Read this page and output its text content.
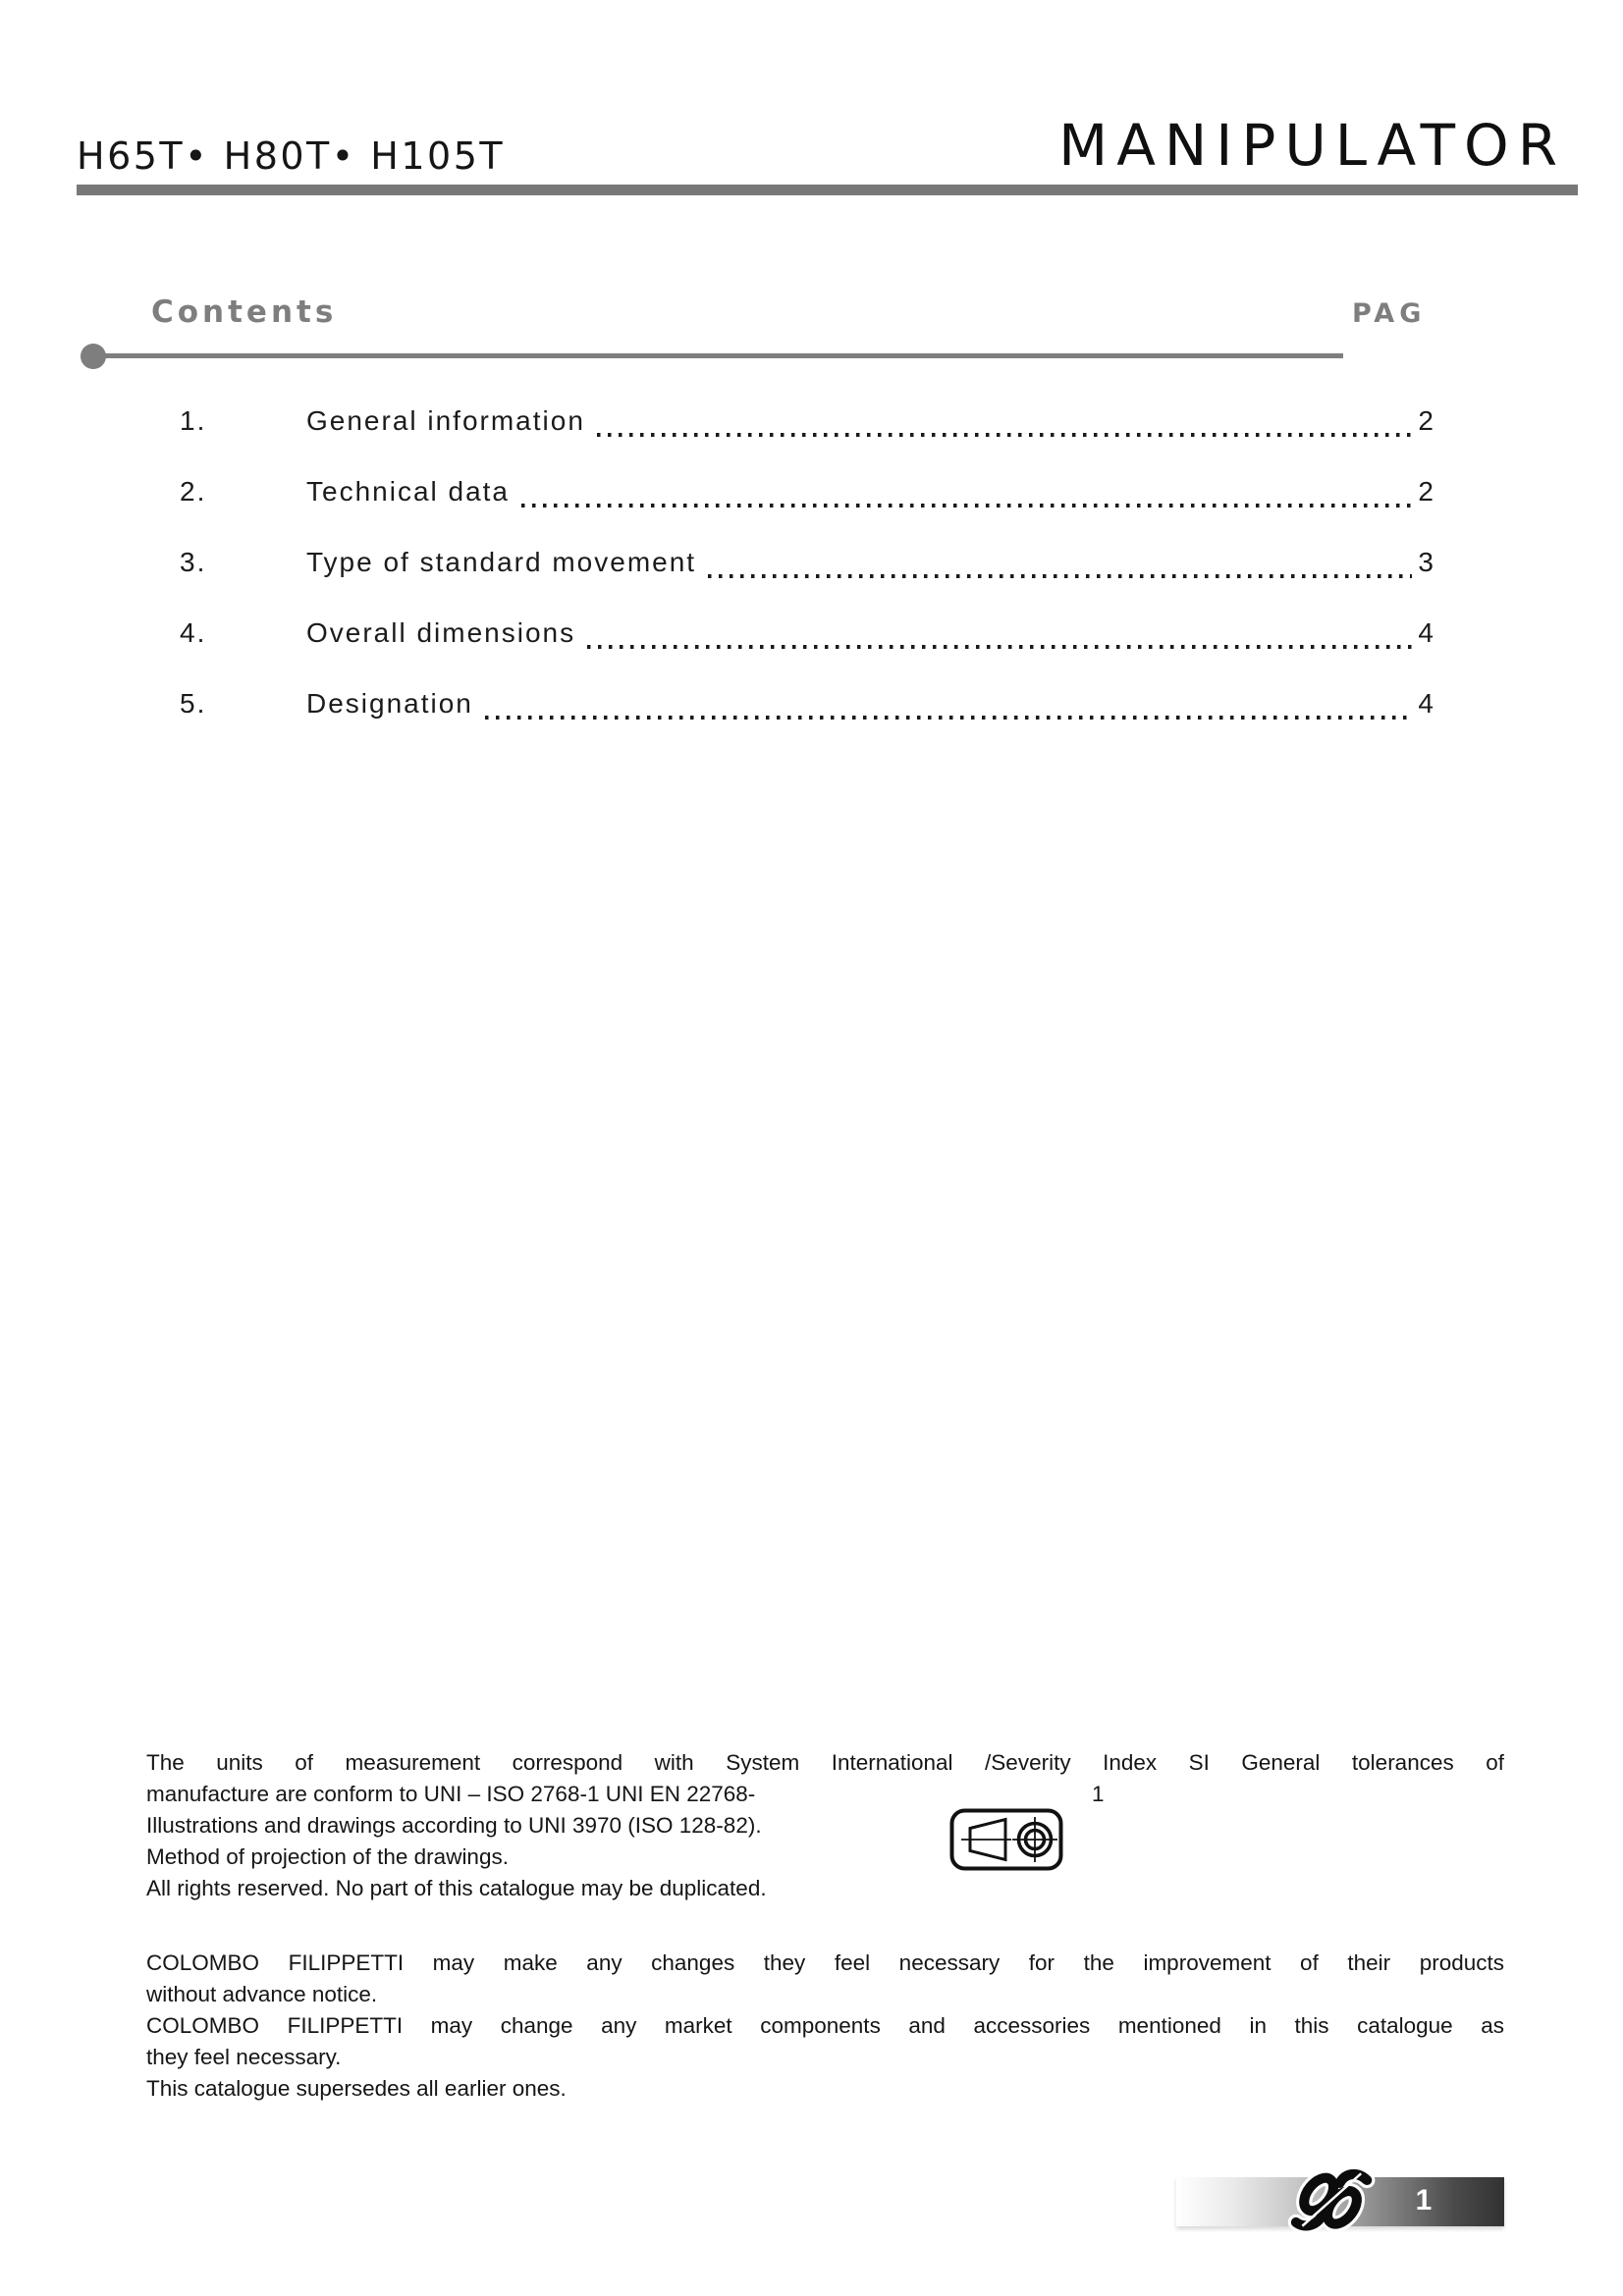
H65T• H80T• H105T	MANIPULATOR
Contents	PAG
1.	General information	2
2.	Technical data	2
3.	Type of standard movement	3
4.	Overall dimensions	4
5.	Designation	4
The units of measurement correspond with System International /Severity Index SI General tolerances of
manufacture are conform to UNI – ISO 2768-1 UNI EN 22768-	1
Illustrations and drawings according to UNI 3970 (ISO 128-82).
Method of projection of the drawings.
All rights reserved. No part of this catalogue may be duplicated.
COLOMBO FILIPPETTI may make any changes they feel necessary for the improvement of their products
without advance notice.
COLOMBO FILIPPETTI may change any market components and accessories mentioned in this catalogue as
they feel necessary.
This catalogue supersedes all earlier ones.
1
